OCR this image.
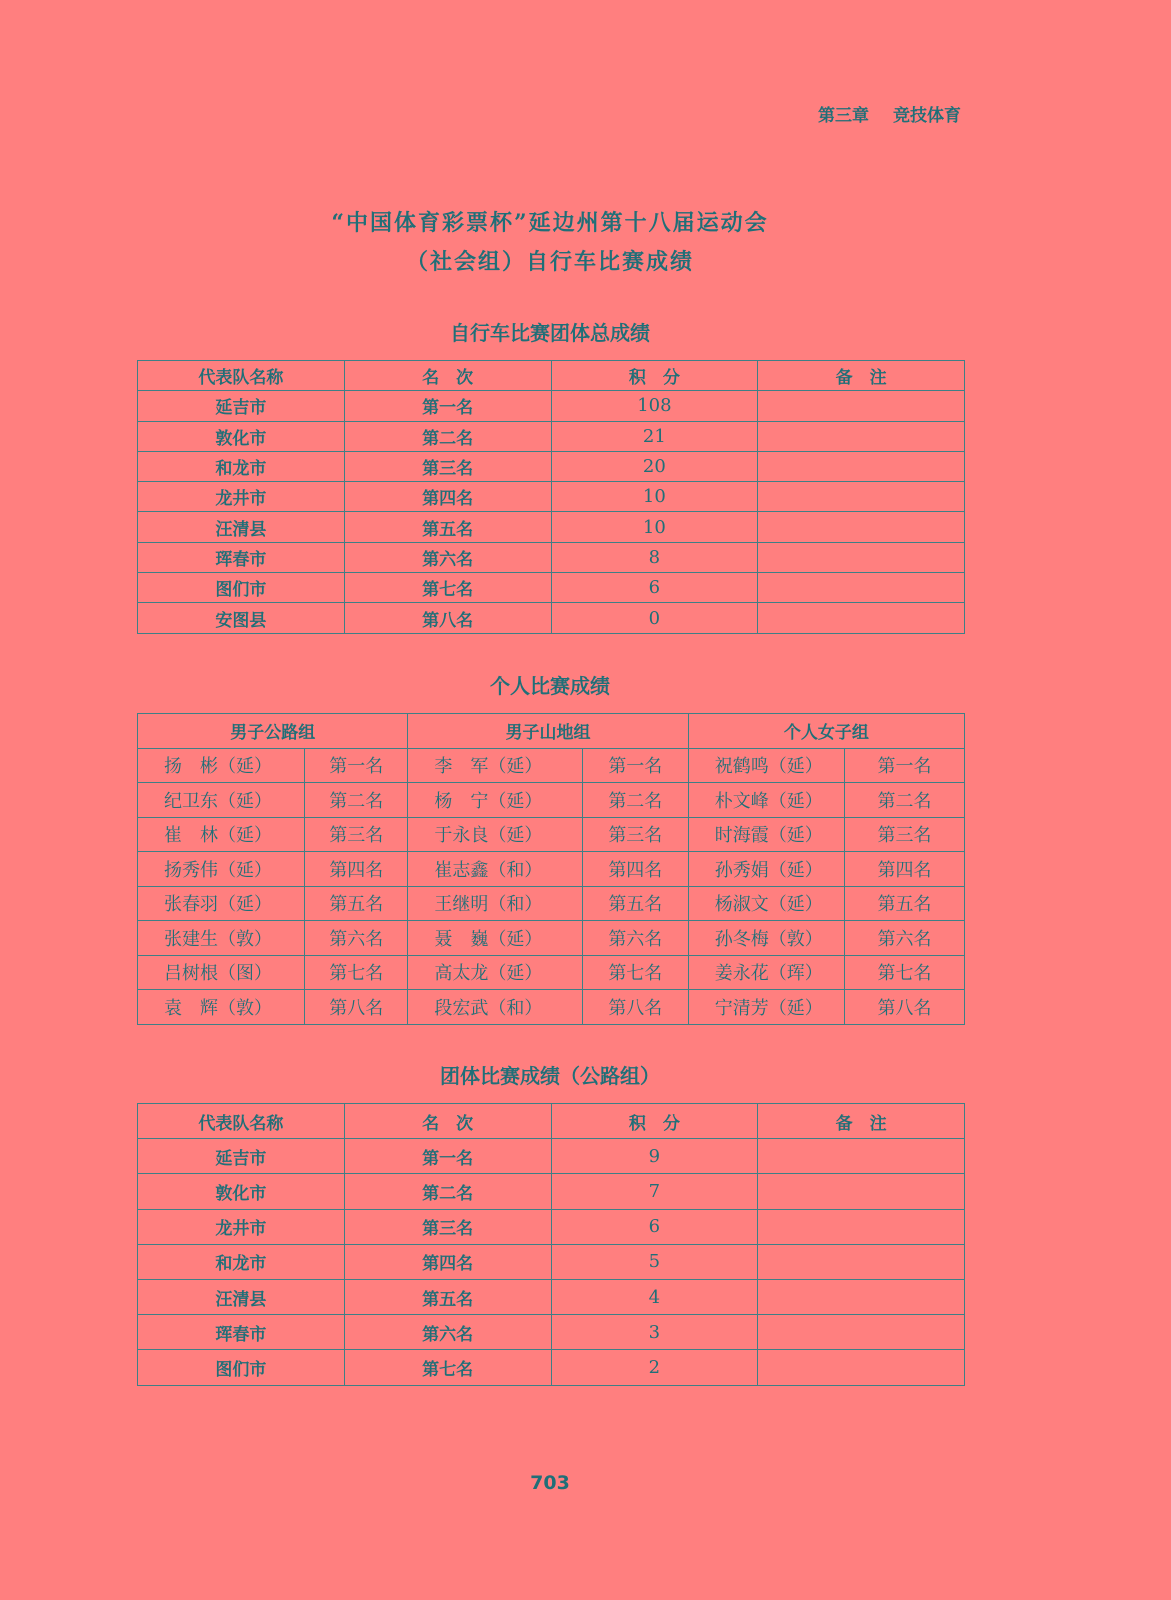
第三章 竞技体育
“中国体育彩票杯”延边州第十八届运动会
（社会组）自行车比赛成绩
自行车比赛团体总成绩
代表队名称	名　次	积　分	备　注
延吉市	第一名	108	
敦化市	第二名	21	
和龙市	第三名	20	
龙井市	第四名	10	
汪清县	第五名	10	
珲春市	第六名	8	
图们市	第七名	6	
安图县	第八名	0	
个人比赛成绩
男子公路组		男子山地组		个人女子组	
扬　彬（延）	第一名	李　军（延）	第一名	祝鹤鸣（延）	第一名
纪卫东（延）	第二名	杨　宁（延）	第二名	朴文峰（延）	第二名
崔　林（延）	第三名	于永良（延）	第三名	时海霞（延）	第三名
扬秀伟（延）	第四名	崔志鑫（和）	第四名	孙秀娟（延）	第四名
张春羽（延）	第五名	王继明（和）	第五名	杨淑文（延）	第五名
张建生（敦）	第六名	聂　巍（延）	第六名	孙冬梅（敦）	第六名
吕树根（图）	第七名	高太龙（延）	第七名	姜永花（珲）	第七名
袁　辉（敦）	第八名	段宏武（和）	第八名	宁清芳（延）	第八名
团体比赛成绩（公路组）
代表队名称	名　次	积　分	备　注
延吉市	第一名	9	
敦化市	第二名	7	
龙井市	第三名	6	
和龙市	第四名	5	
汪清县	第五名	4	
珲春市	第六名	3	
图们市	第七名	2	
703
